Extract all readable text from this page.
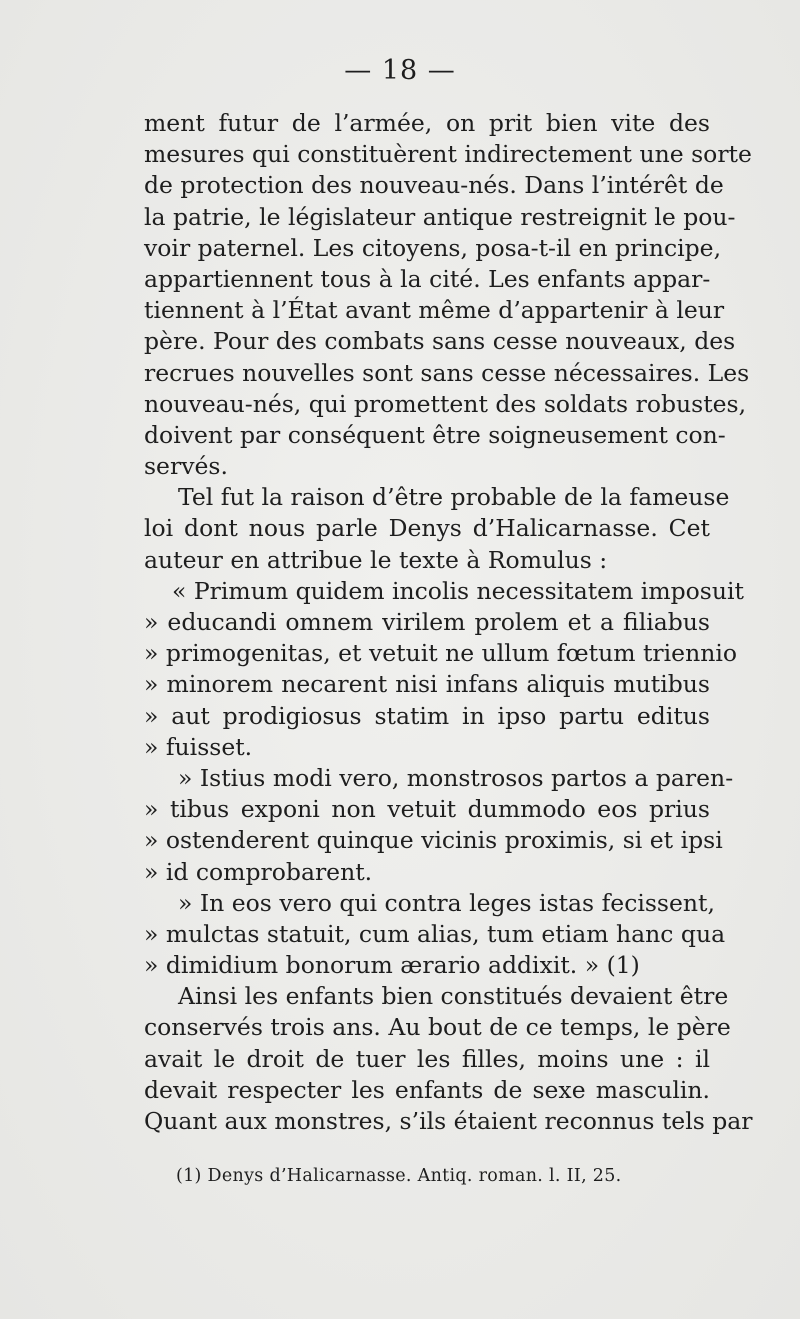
— 18 —
ment futur de l’armée, on prit bien vite des
mesures qui constituèrent indirectement une sorte
de protection des nouveau-nés. Dans l’intérêt de
la patrie, le législateur antique restreignit le pou-
voir paternel. Les citoyens, posa-t-il en principe,
appartiennent tous à la cité. Les enfants appar-
tiennent à l’État avant même d’appartenir à leur
père. Pour des combats sans cesse nouveaux, des
recrues nouvelles sont sans cesse nécessaires. Les
nouveau-nés, qui promettent des soldats robustes,
doivent par conséquent être soigneusement con-
servés.
Tel fut la raison d’être probable de la fameuse
loi dont nous parle Denys d’Halicarnasse. Cet
auteur en attribue le texte à Romulus :
« Primum quidem incolis necessitatem imposuit
» educandi omnem virilem prolem et a filiabus
» primogenitas, et vetuit ne ullum fœtum triennio
» minorem necarent nisi infans aliquis mutibus
» aut prodigiosus statim in ipso partu editus
» fuisset.
» Istius modi vero, monstrosos partos a paren-
» tibus exponi non vetuit dummodo eos prius
» ostenderent quinque vicinis proximis, si et ipsi
» id comprobarent.
» In eos vero qui contra leges istas fecissent,
» mulctas statuit, cum alias, tum etiam hanc qua
» dimidium bonorum ærario addixit. » (1)
Ainsi les enfants bien constitués devaient être
conservés trois ans. Au bout de ce temps, le père
avait le droit de tuer les filles, moins une : il
devait respecter les enfants de sexe masculin.
Quant aux monstres, s’ils étaient reconnus tels par
(1) Denys d’Halicarnasse. Antiq. roman. l. II, 25.
